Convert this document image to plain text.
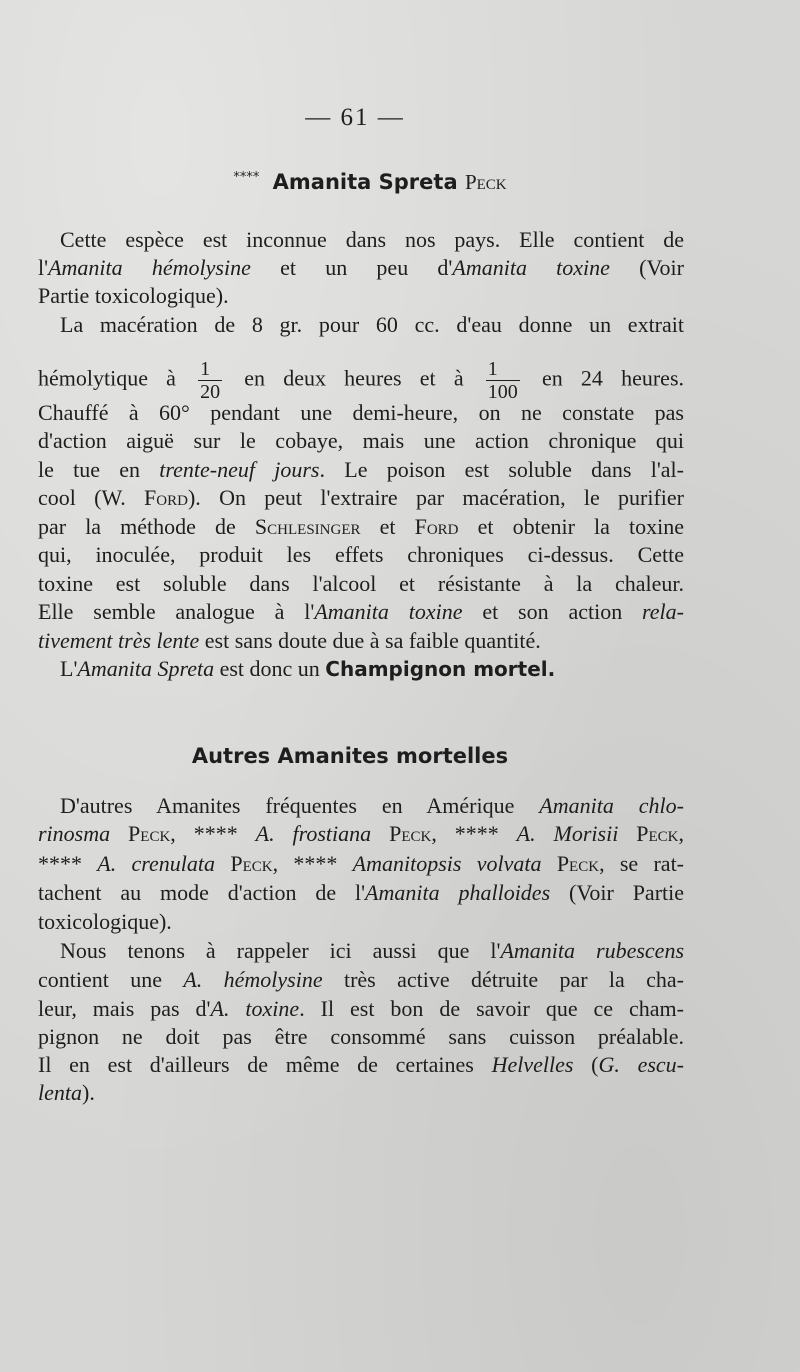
— 61 —
**** Amanita Spreta Peck
Cette espèce est inconnue dans nos pays. Elle contient de
l'Amanita hémolysine et un peu d'Amanita toxine (Voir
Partie toxicologique).
La macération de 8 gr. pour 60 cc. d'eau donne un extrait
hémolytique à $\frac{1}{20}$ en deux heures et à $\frac{1}{100}$ en 24 heures.
Chauffé à 60° pendant une demi-heure, on ne constate pas
d'action aiguë sur le cobaye, mais une action chronique qui
le tue en trente-neuf jours. Le poison est soluble dans l'al-
cool (W. Ford). On peut l'extraire par macération, le purifier
par la méthode de Schlesinger et Ford et obtenir la toxine
qui, inoculée, produit les effets chroniques ci-dessus. Cette
toxine est soluble dans l'alcool et résistante à la chaleur.
Elle semble analogue à l'Amanita toxine et son action rela-
tivement très lente est sans doute due à sa faible quantité.
L'Amanita Spreta est donc un Champignon mortel.
Autres Amanites mortelles
D'autres Amanites fréquentes en Amérique Amanita chlo-
rinosma Peck, **** A. frostiana Peck, **** A. Morisii Peck,
**** A. crenulata Peck, **** Amanitopsis volvata Peck, se rat-
tachent au mode d'action de l'Amanita phalloides (Voir Partie
toxicologique).
Nous tenons à rappeler ici aussi que l'Amanita rubescens
contient une A. hémolysine très active détruite par la cha-
leur, mais pas d'A. toxine. Il est bon de savoir que ce cham-
pignon ne doit pas être consommé sans cuisson préalable.
Il en est d'ailleurs de même de certaines Helvelles (G. escu-
lenta).
